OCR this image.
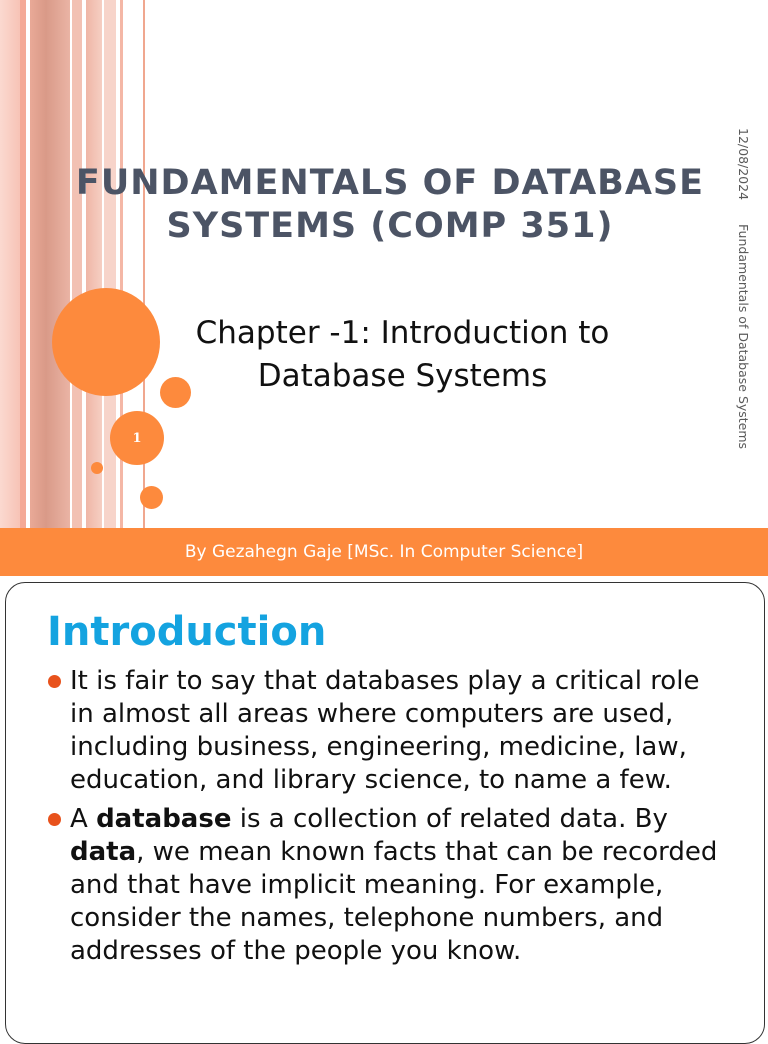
FUNDAMENTALS OF DATABASE SYSTEMS (COMP 351)

Chapter -1: Introduction to Database Systems

1
12/08/2024Fundamentals of Database Systems
By Gezahegn Gaje [MSc. In Computer Science]
Introduction
It is fair to say that databases play a critical role in almost all areas where computers are used, including business, engineering, medicine, law, education, and library science, to name a few.
A database is a collection of related data. By data, we mean known facts that can be recorded and that have implicit meaning. For example, consider the names, telephone numbers, and addresses of the people you know.
